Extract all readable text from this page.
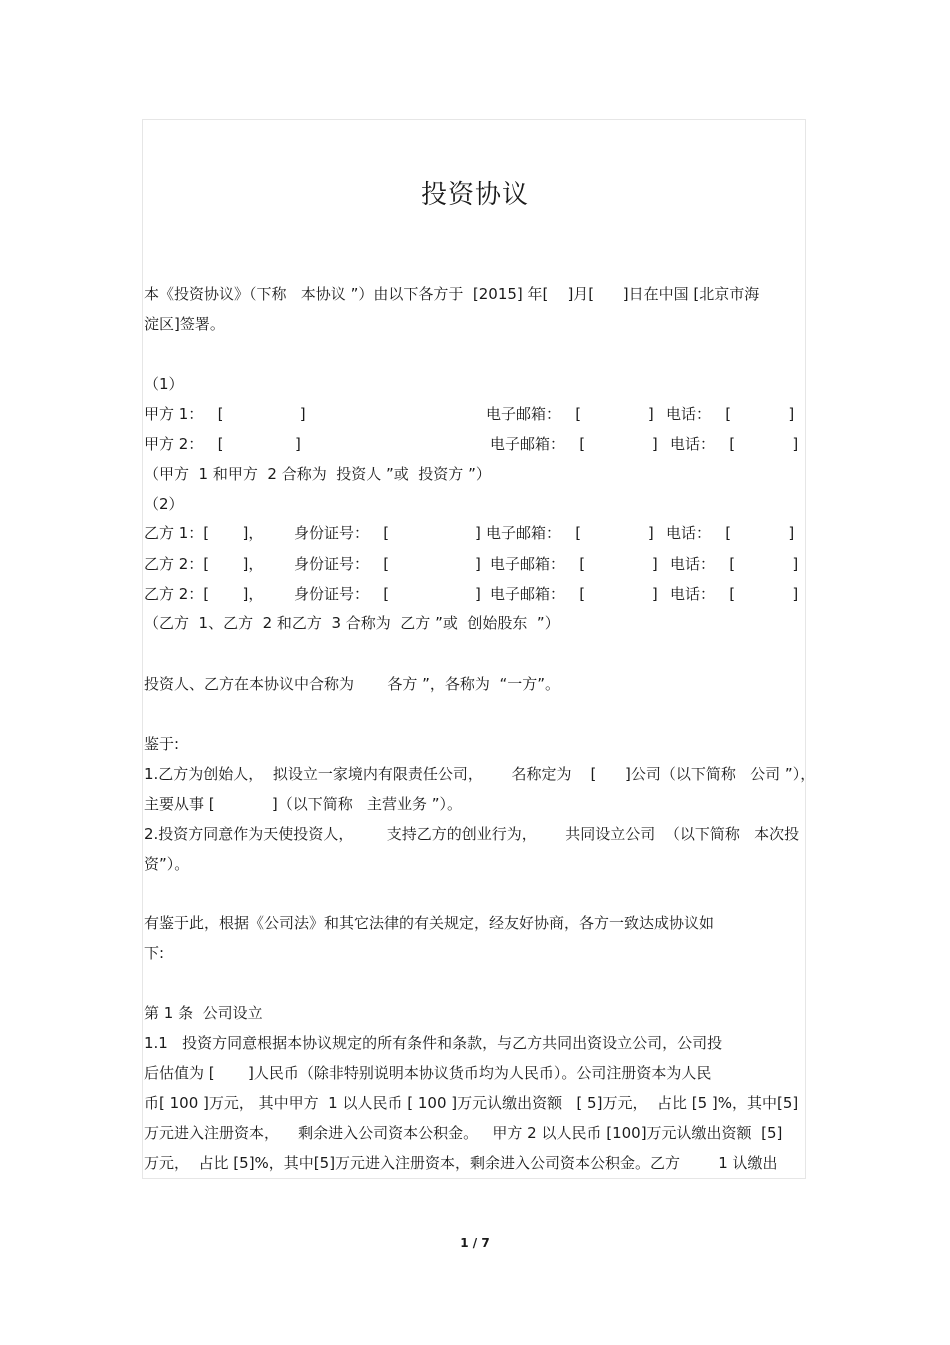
投资协议
本《投资协议》（下称   本协议 ”）由以下各方于  [2015] 年[    ]月[      ]日在中国 [北京市海
淀区]签署。
（1）
甲方 1：   [                ]	电子邮箱：   [              ] 电话：   [            ]
甲方 2：   [               ]	电子邮箱：   [              ] 电话：   [            ]
（甲方  1 和甲方  2 合称为  投资人 ”或  投资方 ”）
（2）
乙方 1：[       ]， 身份证号：   [                  ] 电子邮箱：   [              ] 电话：   [            ]
乙方 2：[       ]， 身份证号：   [                  ] 电子邮箱：   [              ] 电话：   [            ]
乙方 2：[       ]， 身份证号：   [                  ] 电子邮箱：   [              ] 电话：   [            ]
（乙方  1、乙方  2 和乙方  3 合称为  乙方 ”或  创始股东  ”）
投资人、乙方在本协议中合称为       各方 ”，各称为  “一方”。
鉴于:
1.乙方为创始人，  拟设立一家境内有限责任公司，      名称定为    [      ]公司（以下简称   公司 ”），
主要从事 [            ]（以下简称   主营业务 ”）。
2.投资方同意作为天使投资人，       支持乙方的创业行为，      共同设立公司  （以下简称   本次投
资”）。
有鉴于此，根据《公司法》和其它法律的有关规定，经友好协商，各方一致达成协议如
下:
第 1 条  公司设立
1.1   投资方同意根据本协议规定的所有条件和条款，与乙方共同出资设立公司，公司投
后估值为 [       ]人民币（除非特别说明本协议货币均为人民币）。公司注册资本为人民
币[ 100 ]万元， 其中甲方  1 以人民币 [ 100 ]万元认缴出资额   [ 5]万元，  占比 [5 ]%，其中[5]
万元进入注册资本，    剩余进入公司资本公积金。   甲方 2 以人民币 [100]万元认缴出资额  [5]
万元，  占比 [5]%，其中[5]万元进入注册资本，剩余进入公司资本公积金。乙方        1 认缴出
1 / 7
